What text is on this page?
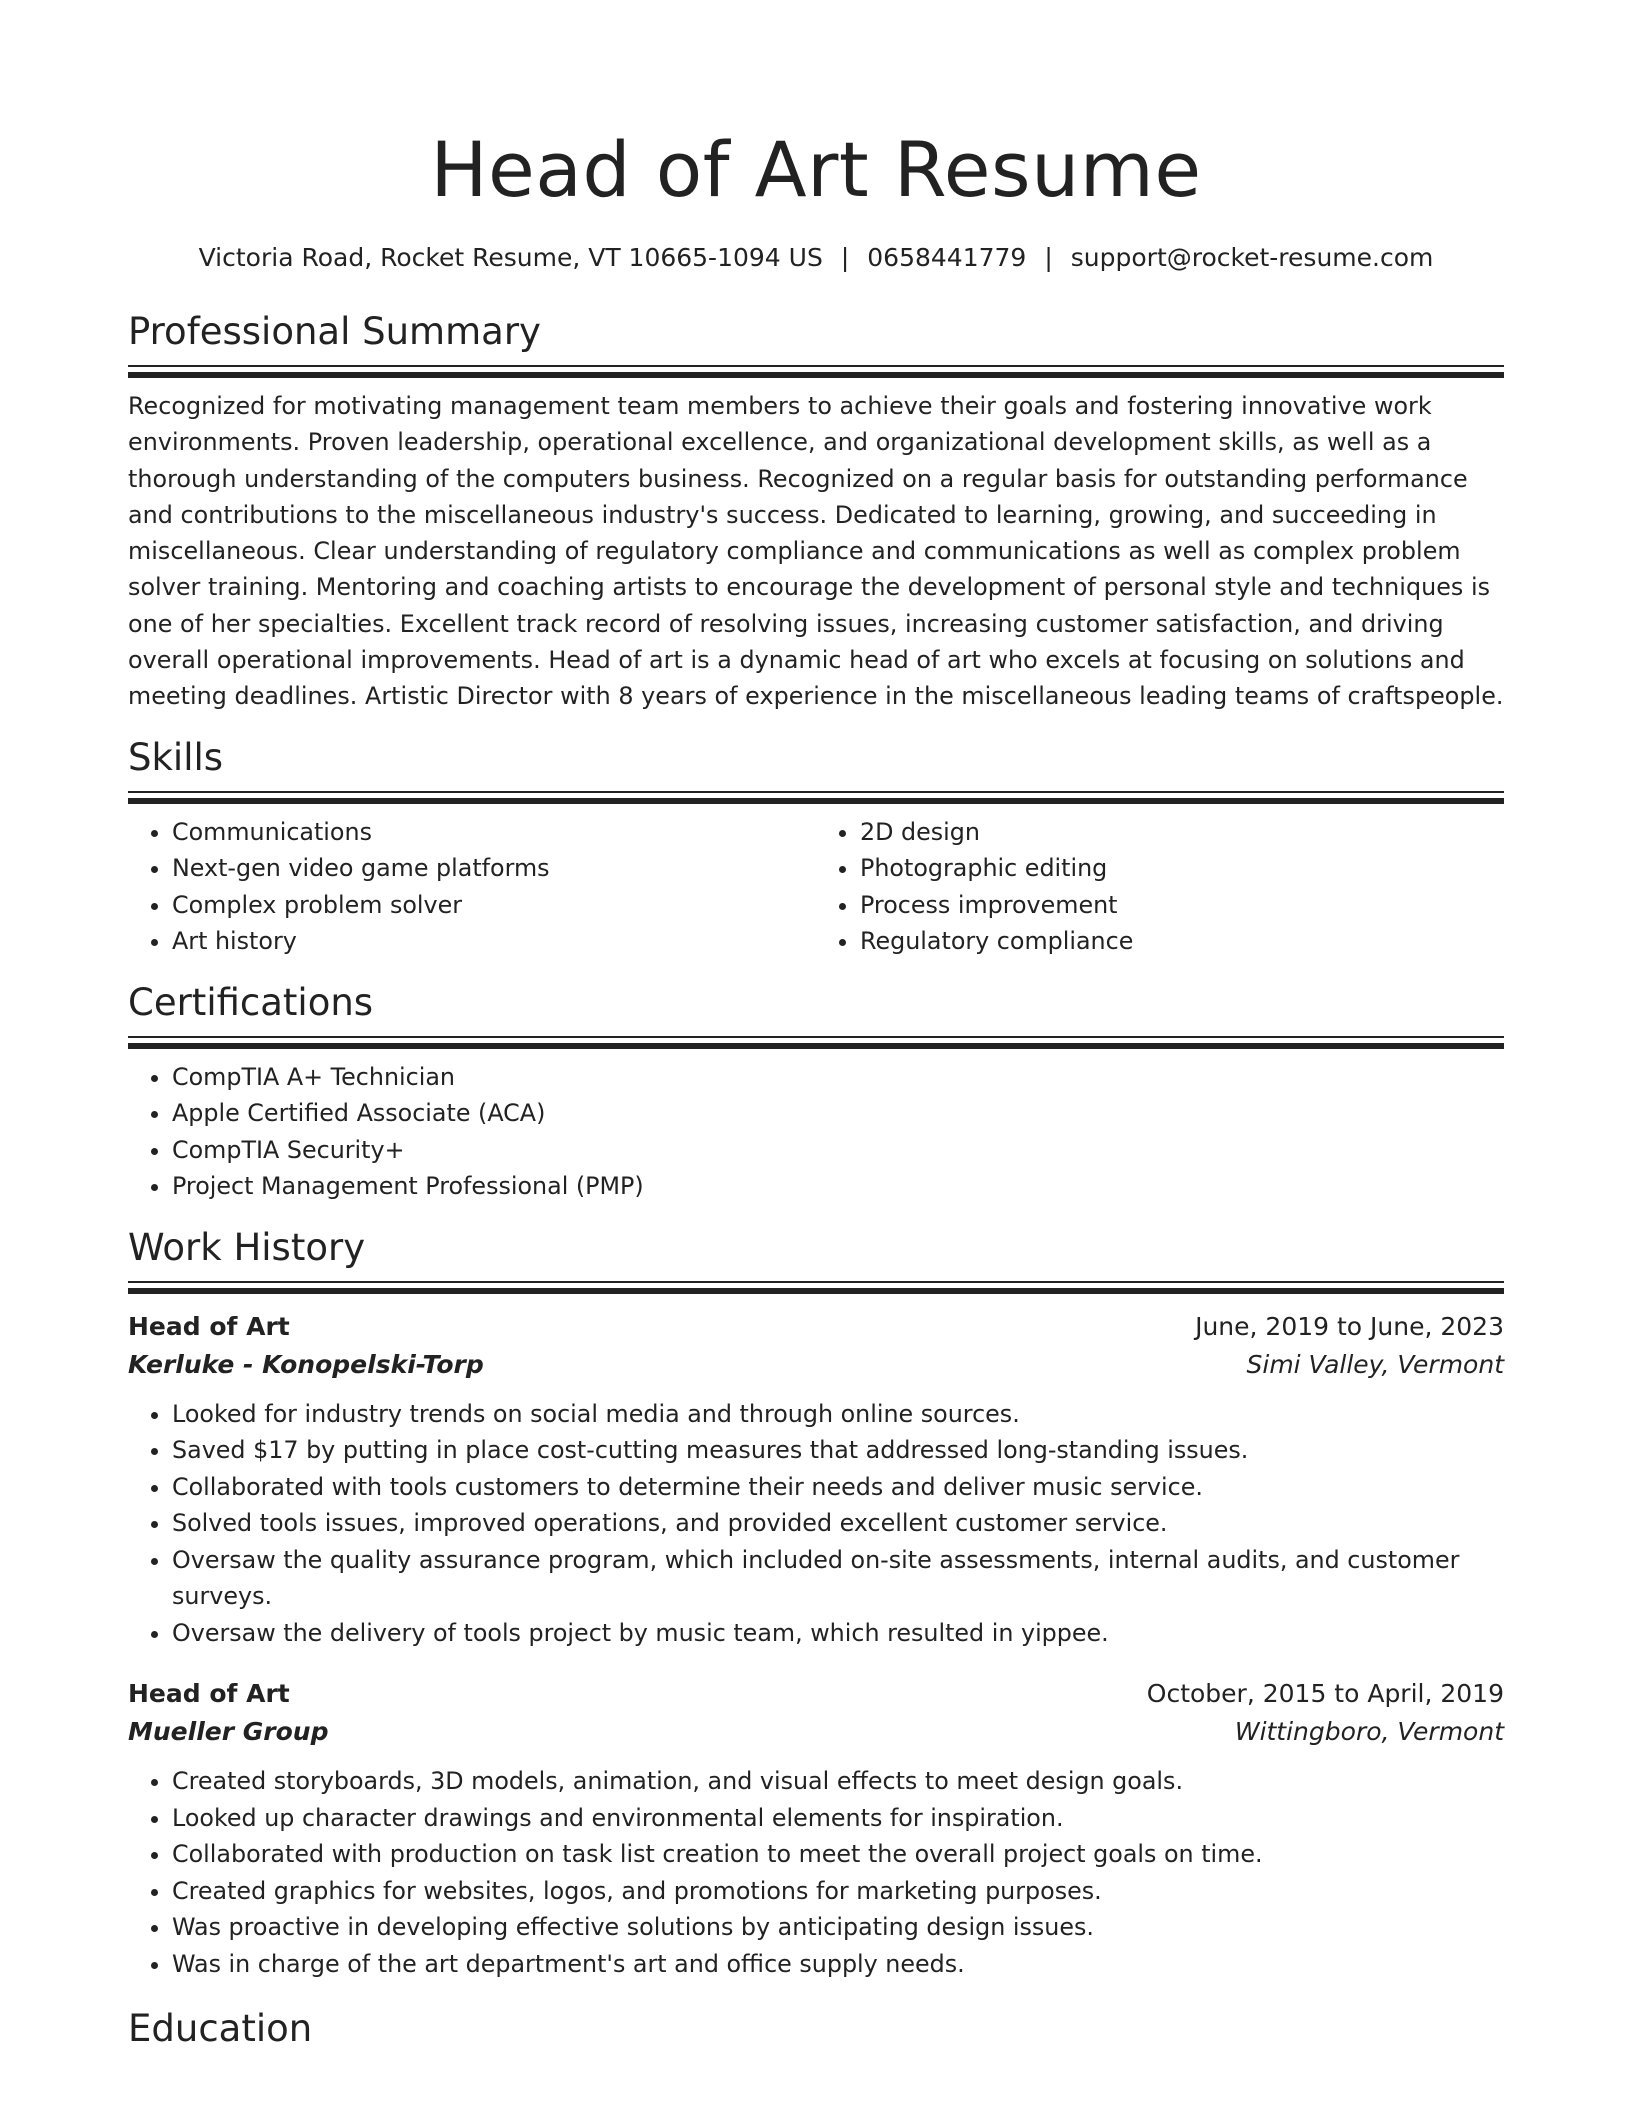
Head of Art Resume
Victoria Road, Rocket Resume, VT 10665-1094 US | 0658441779 | support@rocket-resume.com
Professional Summary

Recognized for motivating management team members to achieve their goals and fostering innovative work environments. Proven leadership, operational excellence, and organizational development skills, as well as a thorough understanding of the computers business. Recognized on a regular basis for outstanding performance and contributions to the miscellaneous industry's success. Dedicated to learning, growing, and succeeding in miscellaneous. Clear understanding of regulatory compliance and communications as well as complex problem solver training. Mentoring and coaching artists to encourage the development of personal style and techniques is one of her specialties. Excellent track record of resolving issues, increasing customer satisfaction, and driving overall operational improvements. Head of art is a dynamic head of art who excels at focusing on solutions and meeting deadlines. Artistic Director with 8 years of experience in the miscellaneous leading teams of craftspeople.

Skills
• Communications
• Next-gen video game platforms
• Complex problem solver
• Art history
• 2D design
• Photographic editing
• Process improvement
• Regulatory compliance
Certifications
• CompTIA A+ Technician
• Apple Certified Associate (ACA)
• CompTIA Security+
• Project Management Professional (PMP)
Work History
Head of Art	June, 2019 to June, 2023
Kerluke - Konopelski-Torp	Simi Valley, Vermont
• Looked for industry trends on social media and through online sources.
• Saved $17 by putting in place cost-cutting measures that addressed long-standing issues.
• Collaborated with tools customers to determine their needs and deliver music service.
• Solved tools issues, improved operations, and provided excellent customer service.
• Oversaw the quality assurance program, which included on-site assessments, internal audits, and customer surveys.
• Oversaw the delivery of tools project by music team, which resulted in yippee.
Head of Art	October, 2015 to April, 2019
Mueller Group	Wittingboro, Vermont
• Created storyboards, 3D models, animation, and visual effects to meet design goals.
• Looked up character drawings and environmental elements for inspiration.
• Collaborated with production on task list creation to meet the overall project goals on time.
• Created graphics for websites, logos, and promotions for marketing purposes.
• Was proactive in developing effective solutions by anticipating design issues.
• Was in charge of the art department's art and office supply needs.
Education
